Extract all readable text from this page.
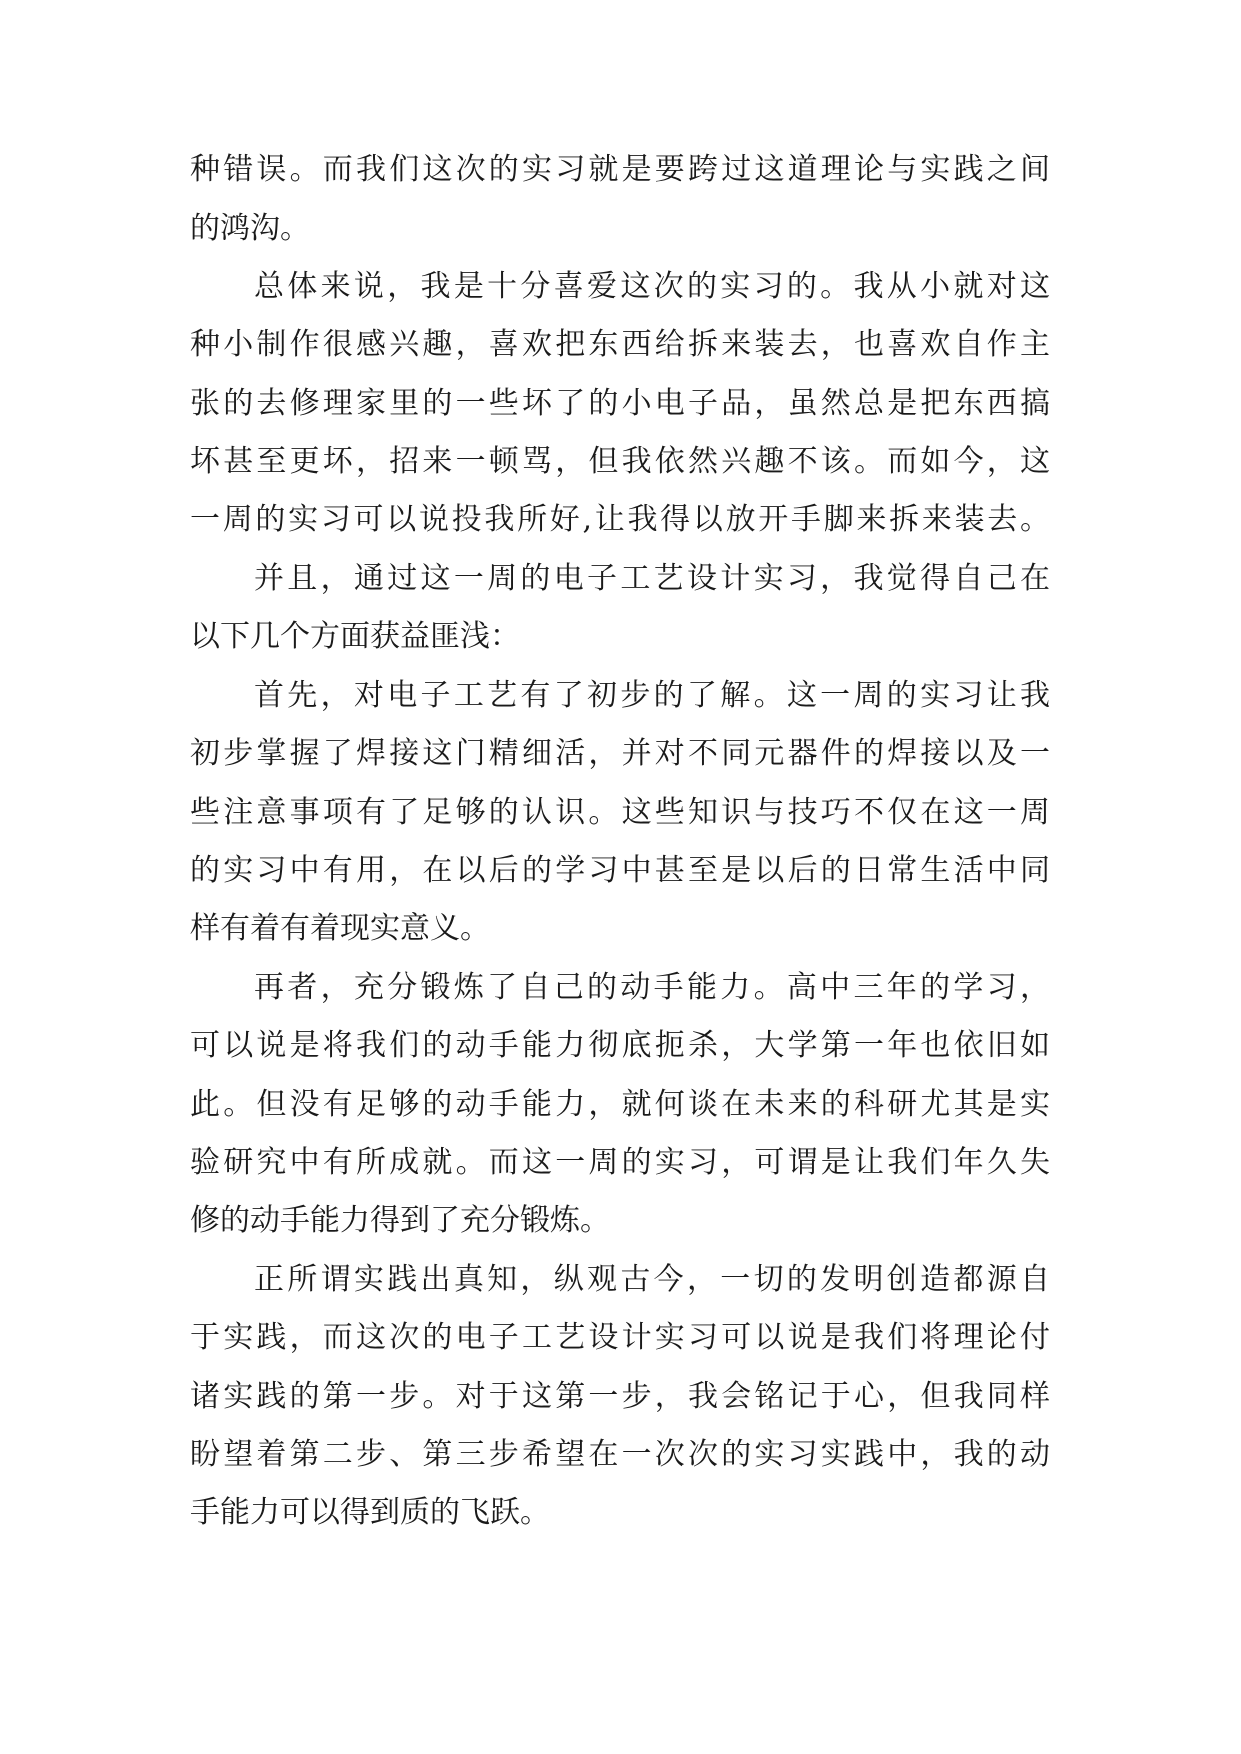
种错误。而我们这次的实习就是要跨过这道理论与实践之间

的鸿沟。

总体来说，我是十分喜爱这次的实习的。我从小就对这

种小制作很感兴趣，喜欢把东西给拆来装去，也喜欢自作主

张的去修理家里的一些坏了的小电子品，虽然总是把东西搞

坏甚至更坏，招来一顿骂，但我依然兴趣不该。而如今，这

一周的实习可以说投我所好,让我得以放开手脚来拆来装去。

并且，通过这一周的电子工艺设计实习，我觉得自己在

以下几个方面获益匪浅：

首先，对电子工艺有了初步的了解。这一周的实习让我

初步掌握了焊接这门精细活，并对不同元器件的焊接以及一

些注意事项有了足够的认识。这些知识与技巧不仅在这一周

的实习中有用，在以后的学习中甚至是以后的日常生活中同

样有着有着现实意义。

再者，充分锻炼了自己的动手能力。高中三年的学习，

可以说是将我们的动手能力彻底扼杀，大学第一年也依旧如

此。但没有足够的动手能力，就何谈在未来的科研尤其是实

验研究中有所成就。而这一周的实习，可谓是让我们年久失

修的动手能力得到了充分锻炼。

正所谓实践出真知，纵观古今，一切的发明创造都源自

于实践，而这次的电子工艺设计实习可以说是我们将理论付

诸实践的第一步。对于这第一步，我会铭记于心，但我同样

盼望着第二步、第三步希望在一次次的实习实践中，我的动

手能力可以得到质的飞跃。
